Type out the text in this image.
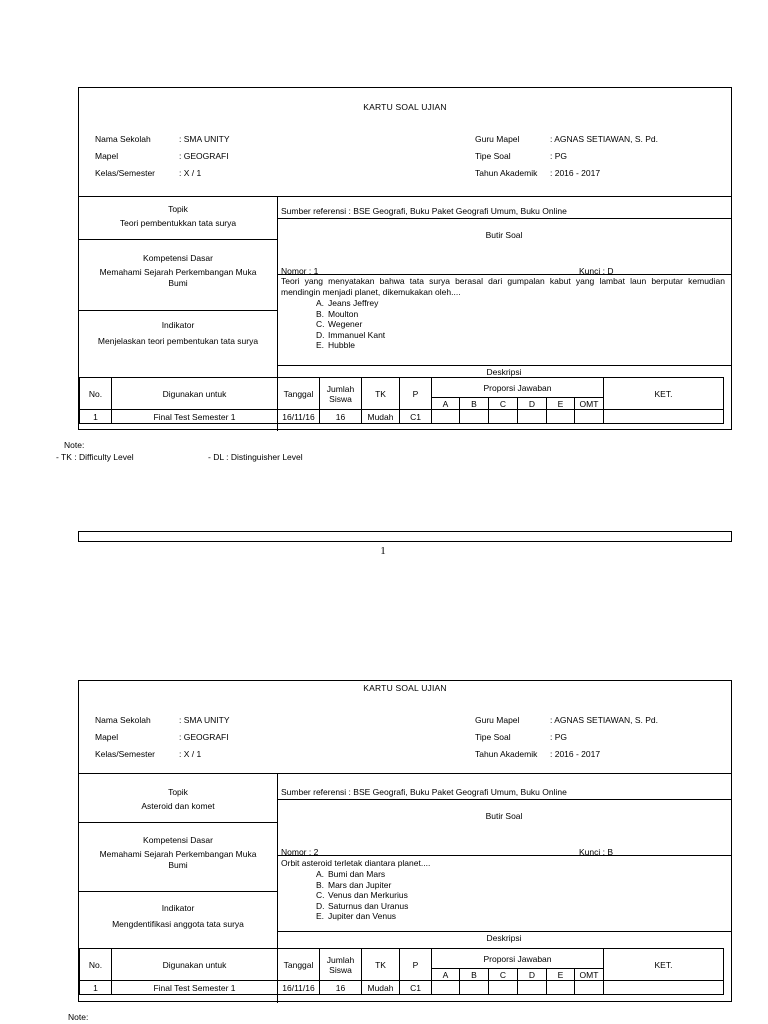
KARTU SOAL UJIAN
Nama Sekolah	: SMA UNITY
Mapel	: GEOGRAFI
Kelas/Semester	: X / 1
Guru Mapel	: AGNAS SETIAWAN, S. Pd.
Tipe Soal	: PG
Tahun Akademik : 2016 - 2017
Topik
Teori pembentukkan tata surya
Kompetensi Dasar
Memahami Sejarah Perkembangan Muka Bumi
Indikator
Menjelaskan teori pembentukan tata surya
Sumber referensi : BSE Geografi, Buku Paket Geografi Umum, Buku Online
Butir Soal
Nomor : 1	Kunci : D
Teori yang menyatakan bahwa tata surya berasal dari gumpalan kabut yang lambat laun berputar kemudian mendingin menjadi planet, dikemukakan oleh....
A. Jeans Jeffrey
B. Moulton
C. Wegener
D. Immanuel Kant
E. Hubble
Deskripsi
No.	Digunakan untuk	Tanggal	Jumlah Siswa	TK	P	Proporsi Jawaban						KET.
						A	B	C	D	E	OMT	
1	Final Test Semester 1	16/11/16	16	Mudah	C1							
Note:
- TK : Difficulty Level	- DL : Distinguisher Level
1
KARTU SOAL UJIAN
Nama Sekolah	: SMA UNITY
Mapel	: GEOGRAFI
Kelas/Semester	: X / 1
Guru Mapel	: AGNAS SETIAWAN, S. Pd.
Tipe Soal	: PG
Tahun Akademik : 2016 - 2017
Topik
Asteroid dan komet
Kompetensi Dasar
Memahami Sejarah Perkembangan Muka Bumi
Indikator
Mengdentifikasi anggota tata surya
Sumber referensi : BSE Geografi, Buku Paket Geografi Umum, Buku Online
Butir Soal
Nomor : 2	Kunci : B
Orbit asteroid terletak diantara planet....
A. Bumi dan Mars
B. Mars dan Jupiter
C. Venus dan Merkurius
D. Saturnus dan Uranus
E. Jupiter dan Venus
Deskripsi
No.	Digunakan untuk	Tanggal	Jumlah Siswa	TK	P	Proporsi Jawaban						KET.
						A	B	C	D	E	OMT	
1	Final Test Semester 1	16/11/16	16	Mudah	C1							
Note:
